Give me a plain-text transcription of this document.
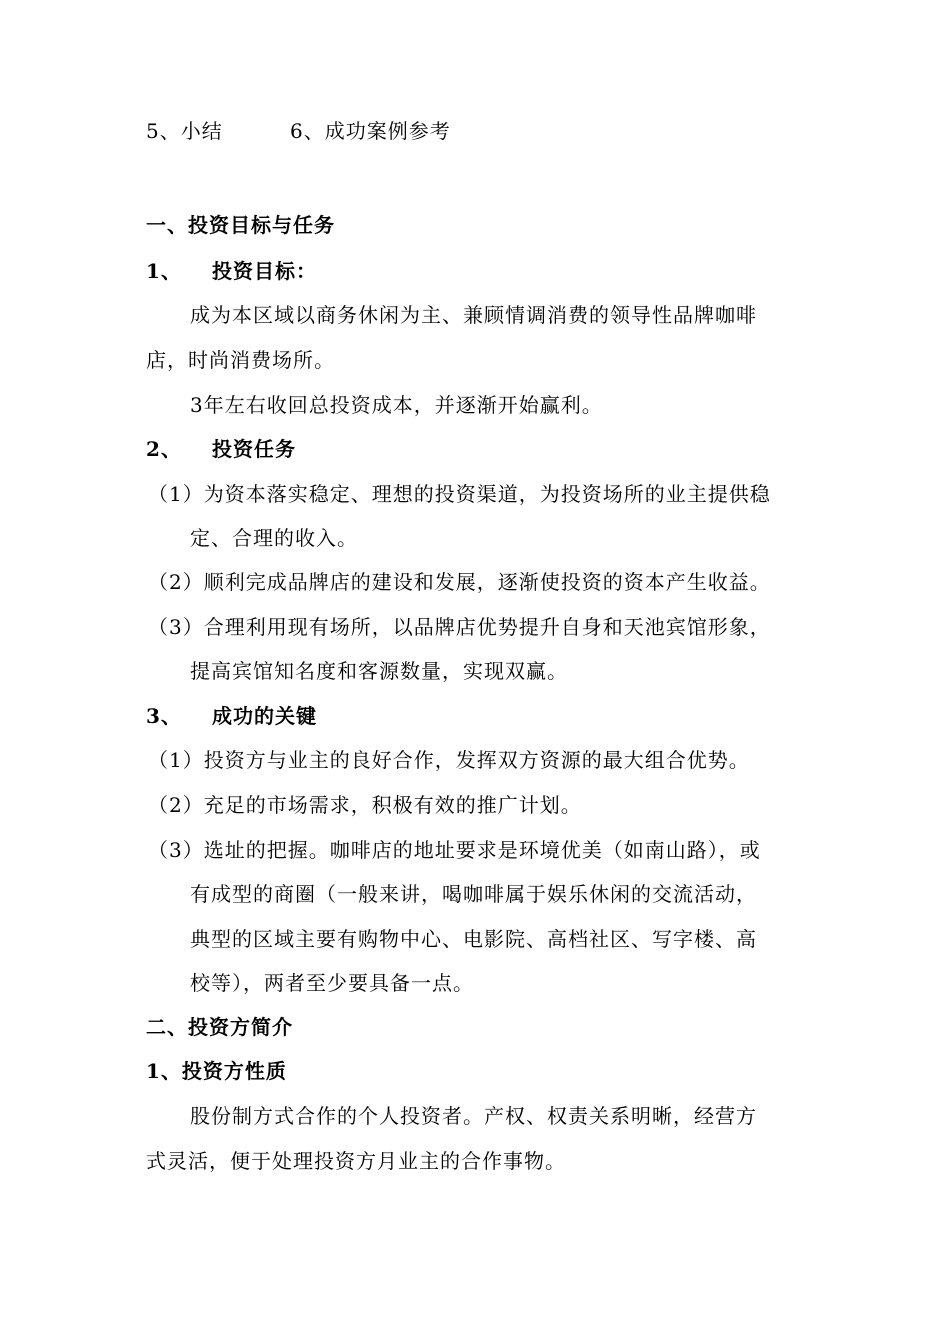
5、小结	6、成功案例参考
一、投资目标与任务
1、 投资目标：
成为本区域以商务休闲为主、兼顾情调消费的领导性品牌咖啡
店，时尚消费场所。
3年左右收回总投资成本，并逐渐开始赢利。
2、 投资任务
（1）为资本落实稳定、理想的投资渠道，为投资场所的业主提供稳
定、合理的收入。
（2）顺利完成品牌店的建设和发展，逐渐使投资的资本产生收益。
（3）合理利用现有场所，以品牌店优势提升自身和天池宾馆形象，
提高宾馆知名度和客源数量，实现双赢。
3、 成功的关键
（1）投资方与业主的良好合作，发挥双方资源的最大组合优势。
（2）充足的市场需求，积极有效的推广计划。
（3）选址的把握。咖啡店的地址要求是环境优美（如南山路），或
有成型的商圈（一般来讲，喝咖啡属于娱乐休闲的交流活动，
典型的区域主要有购物中心、电影院、高档社区、写字楼、高
校等），两者至少要具备一点。
二、投资方简介
1、投资方性质
股份制方式合作的个人投资者。产权、权责关系明晰，经营方
式灵活，便于处理投资方月业主的合作事物。
